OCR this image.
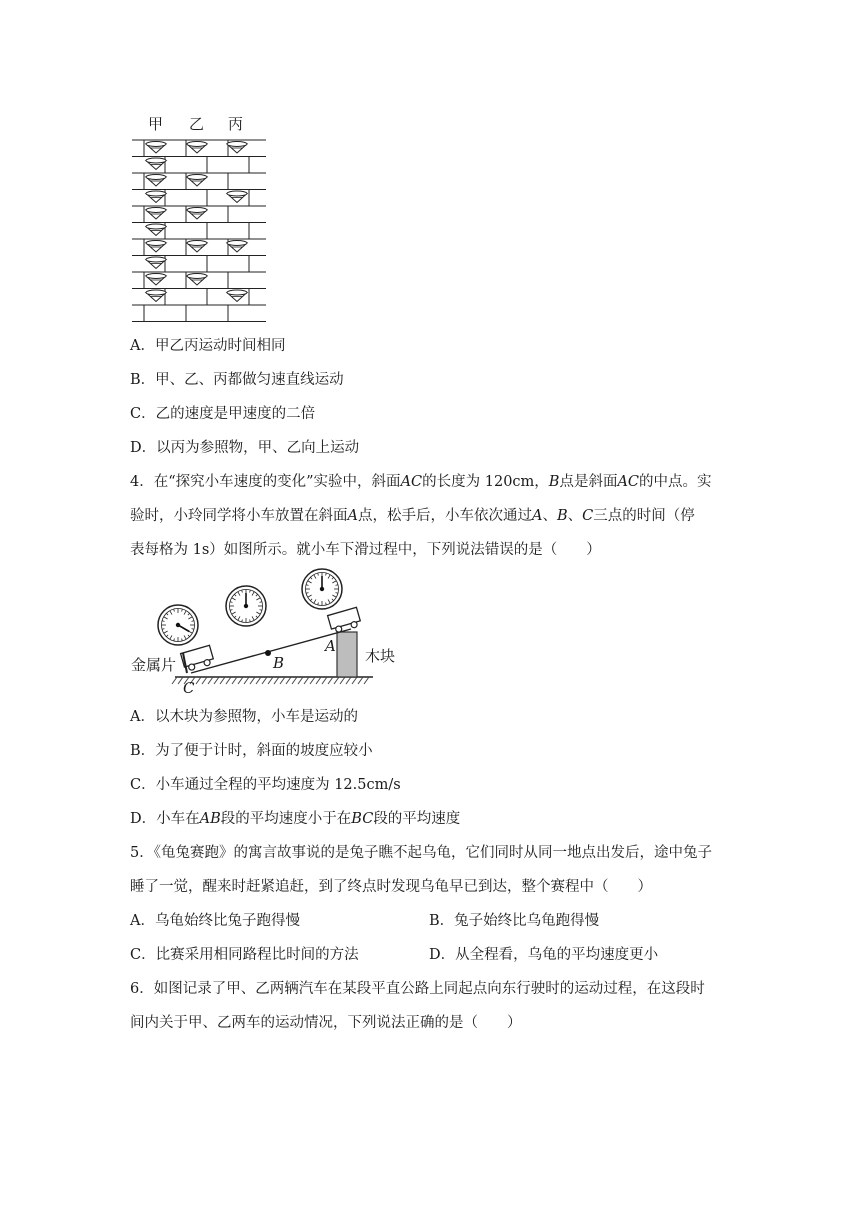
甲 乙 丙
A．甲乙丙运动时间相同
B．甲、乙、丙都做匀速直线运动
C．乙的速度是甲速度的二倍
D．以丙为参照物，甲、乙向上运动
4．在“探究小车速度的变化”实验中，斜面AC的长度为 120cm，B点是斜面AC的中点。实
验时，小玲同学将小车放置在斜面A点，松手后，小车依次通过A、B、C三点的时间（停
表每格为 1s）如图所示。就小车下滑过程中，下列说法错误的是（　　）
金属片	木块
A
B
C
A．以木块为参照物，小车是运动的
B．为了便于计时，斜面的坡度应较小
C．小车通过全程的平均速度为 12.5cm/s
D．小车在AB段的平均速度小于在BC段的平均速度
5．《龟兔赛跑》的寓言故事说的是兔子瞧不起乌龟，它们同时从同一地点出发后，途中兔子
睡了一觉，醒来时赶紧追赶，到了终点时发现乌龟早已到达，整个赛程中（　　）
A．乌龟始终比兔子跑得慢	B．兔子始终比乌龟跑得慢
C．比赛采用相同路程比时间的方法	D．从全程看，乌龟的平均速度更小
6．如图记录了甲、乙两辆汽车在某段平直公路上同起点向东行驶时的运动过程，在这段时
间内关于甲、乙两车的运动情况，下列说法正确的是（　　）
